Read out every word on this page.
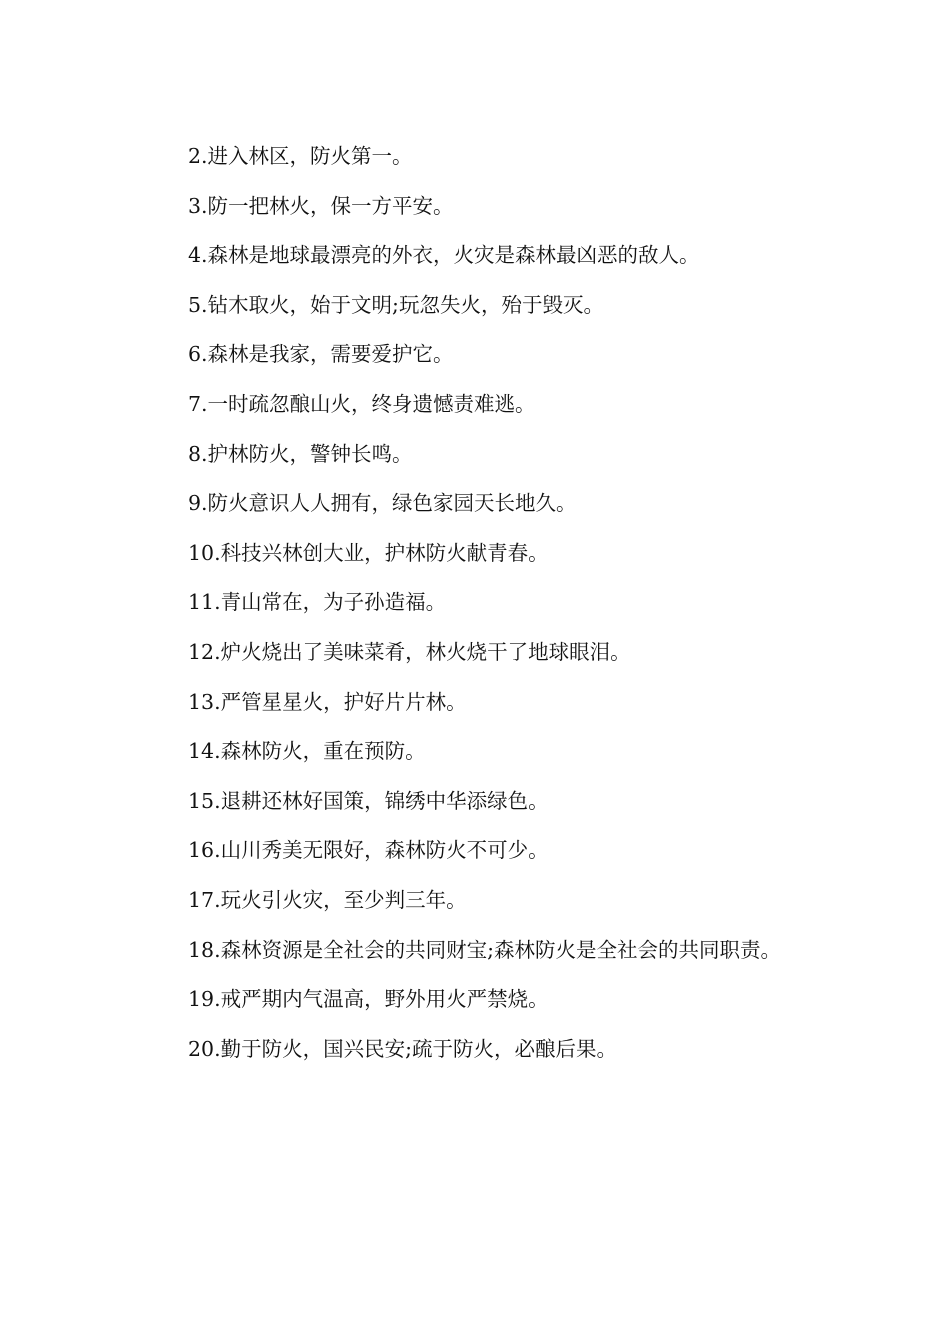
2.进入林区，防火第一。

3.防一把林火，保一方平安。

4.森林是地球最漂亮的外衣，火灾是森林最凶恶的敌人。

5.钻木取火，始于文明;玩忽失火，殆于毁灭。

6.森林是我家，需要爱护它。

7.一时疏忽酿山火，终身遗憾责难逃。

8.护林防火，警钟长鸣。

9.防火意识人人拥有，绿色家园天长地久。

10.科技兴林创大业，护林防火献青春。

11.青山常在，为子孙造福。

12.炉火烧出了美味菜肴，林火烧干了地球眼泪。

13.严管星星火，护好片片林。

14.森林防火，重在预防。

15.退耕还林好国策，锦绣中华添绿色。

16.山川秀美无限好，森林防火不可少。

17.玩火引火灾，至少判三年。

18.森林资源是全社会的共同财宝;森林防火是全社会的共同职责。

19.戒严期内气温高，野外用火严禁烧。

20.勤于防火，国兴民安;疏于防火，必酿后果。
